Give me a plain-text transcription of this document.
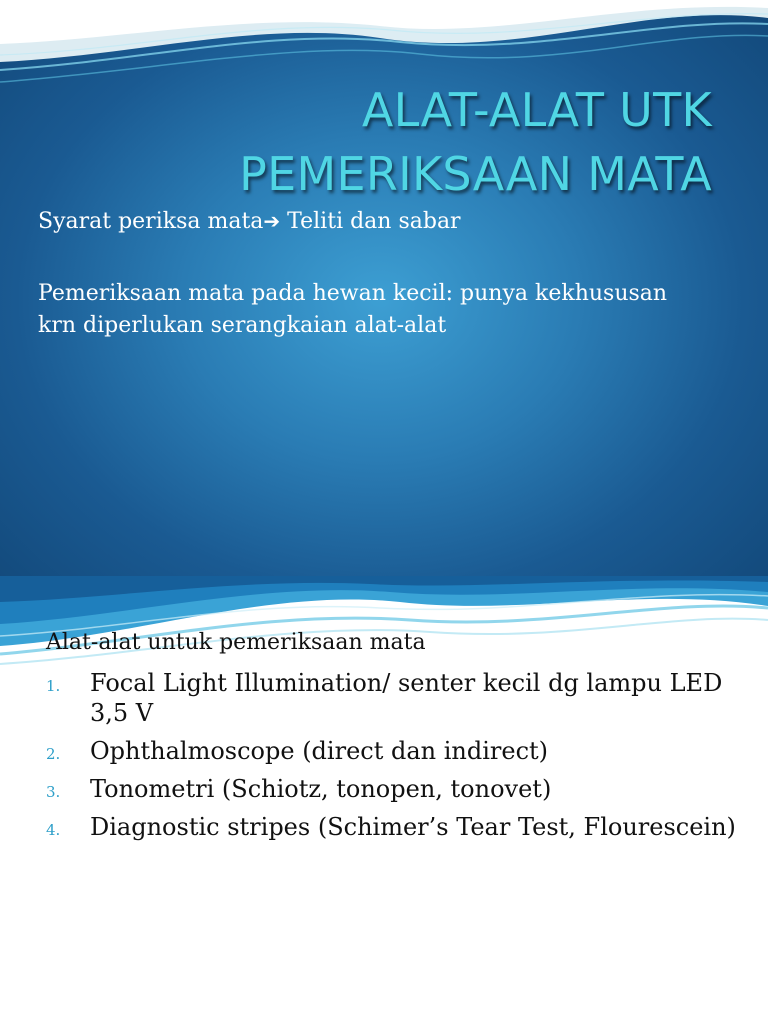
ALAT-ALAT UTK
PEMERIKSAAN MATA
Syarat periksa mata➔ Teliti dan sabar
Pemeriksaan mata pada hewan kecil: punya kekhususan
krn diperlukan serangkaian alat-alat
Alat-alat untuk pemeriksaan mata
1. Focal Light Illumination/ senter kecil dg lampu LED 3,5 V
2. Ophthalmoscope (direct dan indirect)
3. Tonometri (Schiotz, tonopen, tonovet)
4. Diagnostic stripes (Schimer’s Tear Test, Flourescein)
